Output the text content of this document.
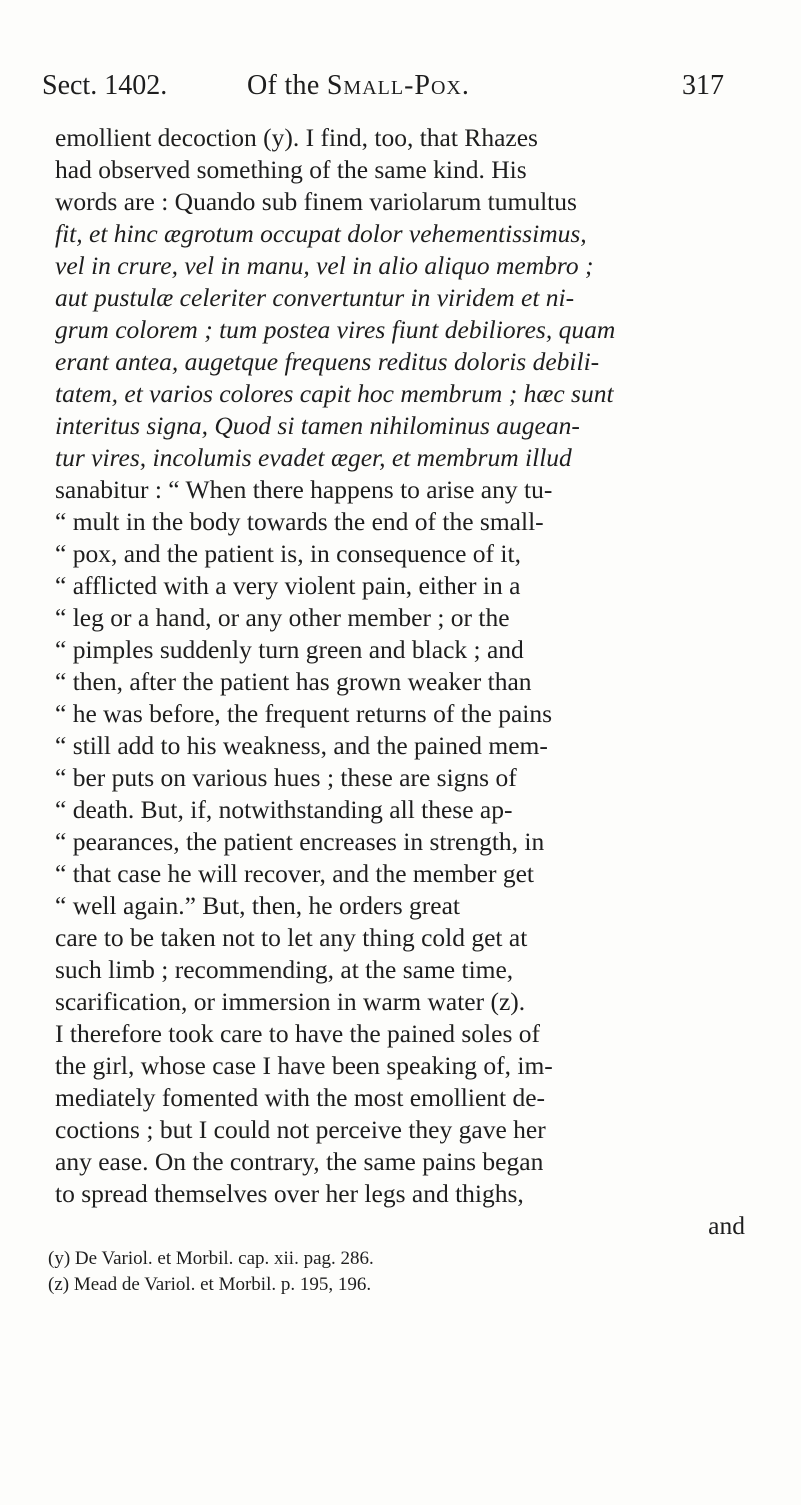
Sect. 1402.	Of the Small-Pox.	317
emollient decoction (y). I find, too, that Rhazes
had observed something of the same kind. His
words are : Quando sub finem variolarum tumultus
fit, et hinc ægrotum occupat dolor vehementissimus,
vel in crure, vel in manu, vel in alio aliquo membro ;
aut pustulæ celeriter convertuntur in viridem et ni-
grum colorem ; tum postea vires fiunt debiliores, quam
erant antea, augetque frequens reditus doloris debili-
tatem, et varios colores capit hoc membrum ; hæc sunt
interitus signa, Quod si tamen nihilominus augean-
tur vires, incolumis evadet æger, et membrum illud
sanabitur : “ When there happens to arise any tu-
“ mult in the body towards the end of the small-
“ pox, and the patient is, in consequence of it,
“ afflicted with a very violent pain, either in a
“ leg or a hand, or any other member ; or the
“ pimples suddenly turn green and black ; and
“ then, after the patient has grown weaker than
“ he was before, the frequent returns of the pains
“ still add to his weakness, and the pained mem-
“ ber puts on various hues ; these are signs of
“ death. But, if, notwithstanding all these ap-
“ pearances, the patient encreases in strength, in
“ that case he will recover, and the member get
“ well again.” But, then, he orders great
care to be taken not to let any thing cold get at
such limb ; recommending, at the same time,
scarification, or immersion in warm water (z).
I therefore took care to have the pained soles of
the girl, whose case I have been speaking of, im-
mediately fomented with the most emollient de-
coctions ; but I could not perceive they gave her
any ease. On the contrary, the same pains began
to spread themselves over her legs and thighs,
and
(y) De Variol. et Morbil. cap. xii. pag. 286.
(z) Mead de Variol. et Morbil. p. 195, 196.
